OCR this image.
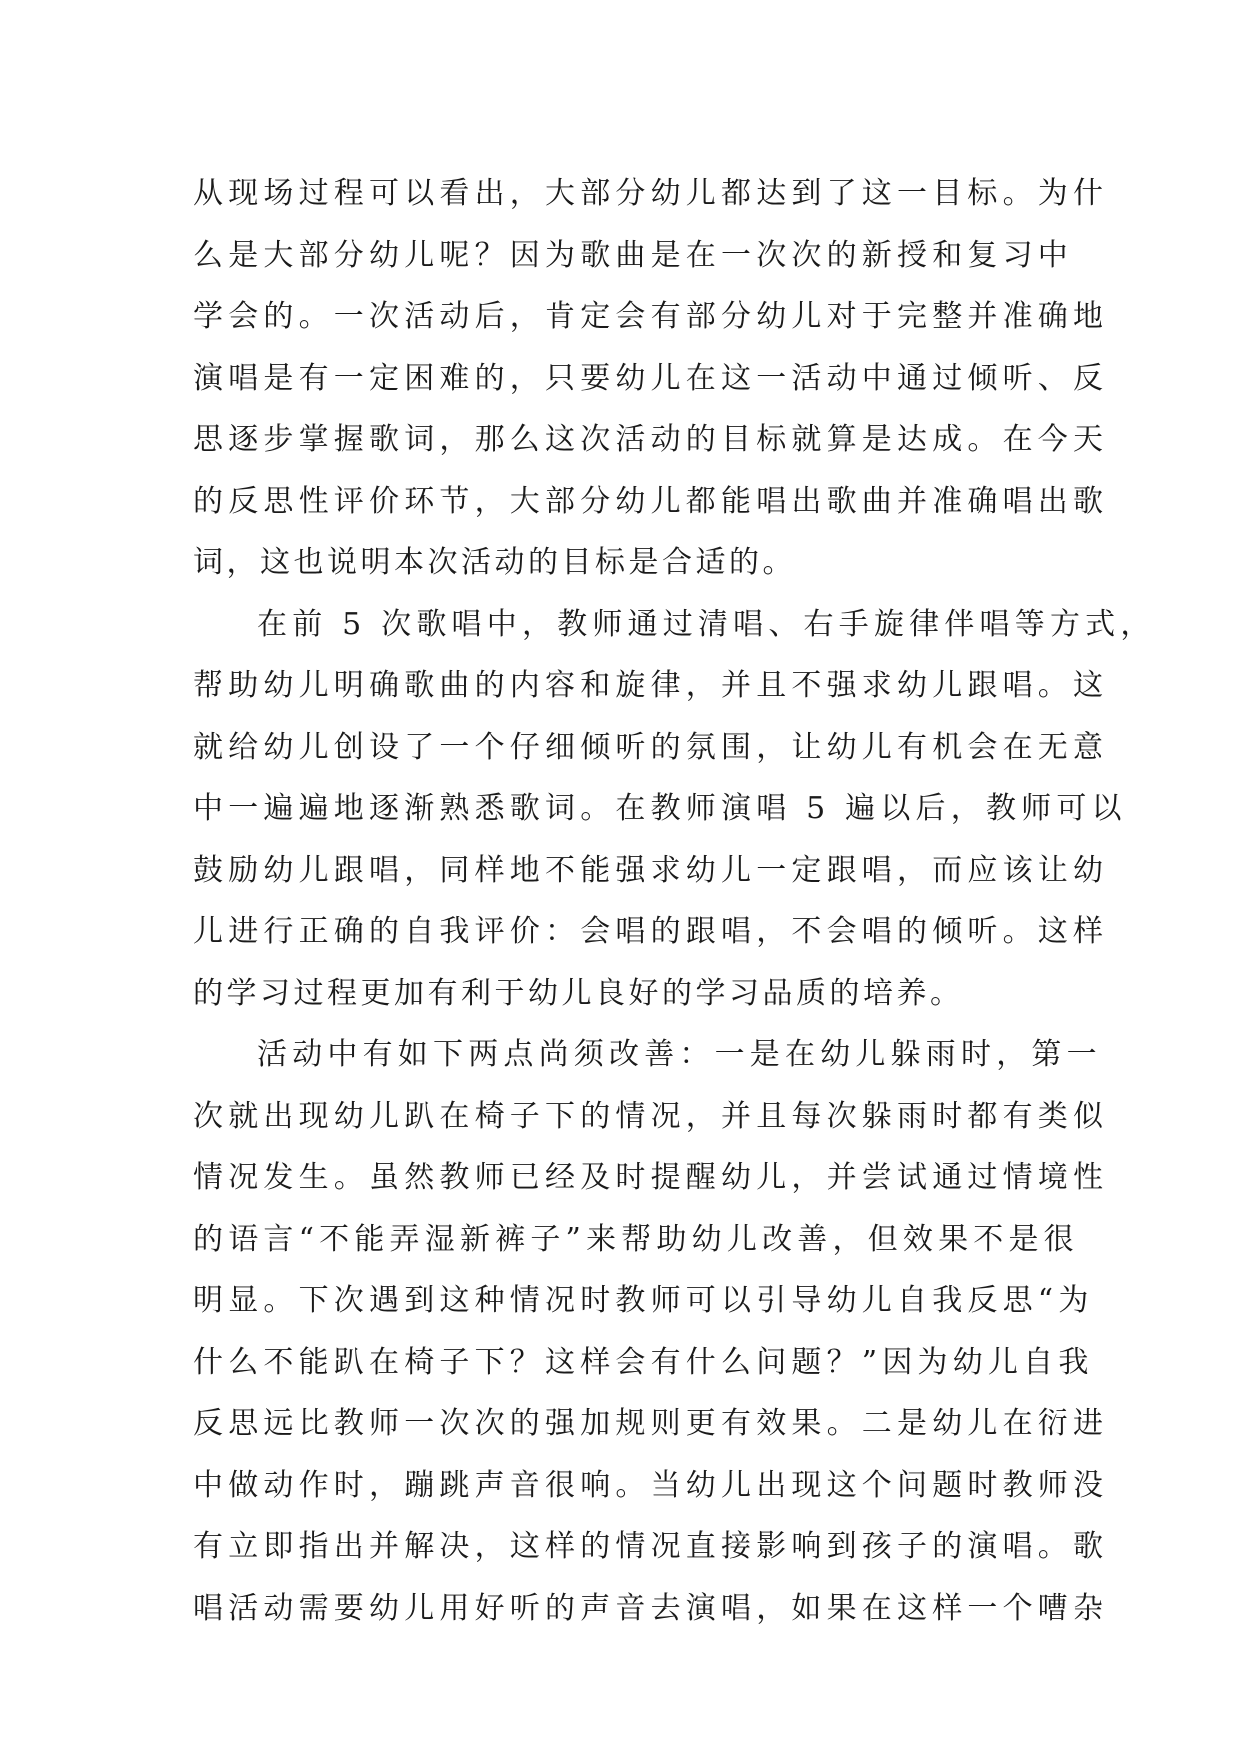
从现场过程可以看出，大部分幼儿都达到了这一目标。为什
么是大部分幼儿呢？因为歌曲是在一次次的新授和复习中
学会的。一次活动后，肯定会有部分幼儿对于完整并准确地
演唱是有一定困难的，只要幼儿在这一活动中通过倾听、反
思逐步掌握歌词，那么这次活动的目标就算是达成。在今天
的反思性评价环节，大部分幼儿都能唱出歌曲并准确唱出歌
词，这也说明本次活动的目标是合适的。
在前 5 次歌唱中，教师通过清唱、右手旋律伴唱等方式，
帮助幼儿明确歌曲的内容和旋律，并且不强求幼儿跟唱。这
就给幼儿创设了一个仔细倾听的氛围，让幼儿有机会在无意
中一遍遍地逐渐熟悉歌词。在教师演唱 5 遍以后，教师可以
鼓励幼儿跟唱，同样地不能强求幼儿一定跟唱，而应该让幼
儿进行正确的自我评价：会唱的跟唱，不会唱的倾听。这样
的学习过程更加有利于幼儿良好的学习品质的培养。
活动中有如下两点尚须改善：一是在幼儿躲雨时，第一
次就出现幼儿趴在椅子下的情况，并且每次躲雨时都有类似
情况发生。虽然教师已经及时提醒幼儿，并尝试通过情境性
的语言“不能弄湿新裤子”来帮助幼儿改善，但效果不是很
明显。下次遇到这种情况时教师可以引导幼儿自我反思“为
什么不能趴在椅子下？这样会有什么问题？”因为幼儿自我
反思远比教师一次次的强加规则更有效果。二是幼儿在衍进
中做动作时，蹦跳声音很响。当幼儿出现这个问题时教师没
有立即指出并解决，这样的情况直接影响到孩子的演唱。歌
唱活动需要幼儿用好听的声音去演唱，如果在这样一个嘈杂
